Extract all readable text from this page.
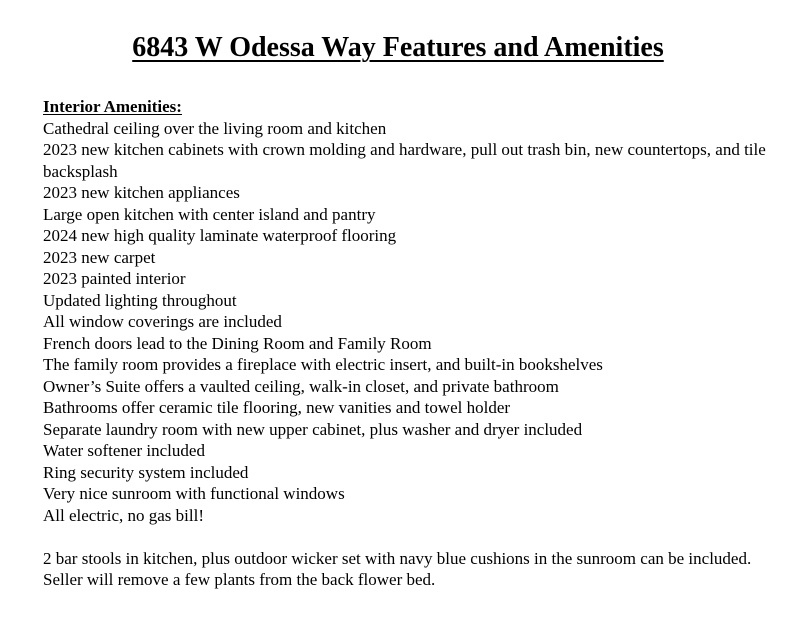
6843 W Odessa Way Features and Amenities
Interior Amenities:
Cathedral ceiling over the living room and kitchen
2023 new kitchen cabinets with crown molding and hardware, pull out trash bin, new countertops, and tile backsplash
2023 new kitchen appliances
Large open kitchen with center island and pantry
2024 new high quality laminate waterproof flooring
2023 new carpet
2023 painted interior
Updated lighting throughout
All window coverings are included
French doors lead to the Dining Room and Family Room
The family room provides a fireplace with electric insert, and built-in bookshelves
Owner’s Suite offers a vaulted ceiling, walk-in closet, and private bathroom
Bathrooms offer ceramic tile flooring, new vanities and towel holder
Separate laundry room with new upper cabinet, plus washer and dryer included
Water softener included
Ring security system included
Very nice sunroom with functional windows
All electric, no gas bill!
2 bar stools in kitchen, plus outdoor wicker set with navy blue cushions in the sunroom can be included.
Seller will remove a few plants from the back flower bed.
